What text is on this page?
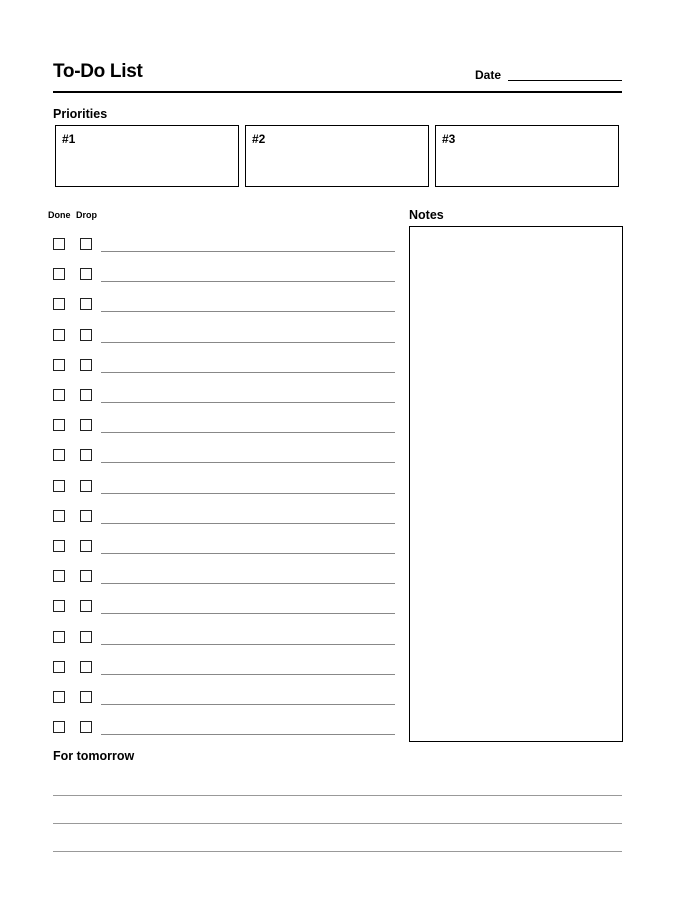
To-Do List	Date
Priorities
#1	#2	#3
Done Drop	Notes
For tomorrow
